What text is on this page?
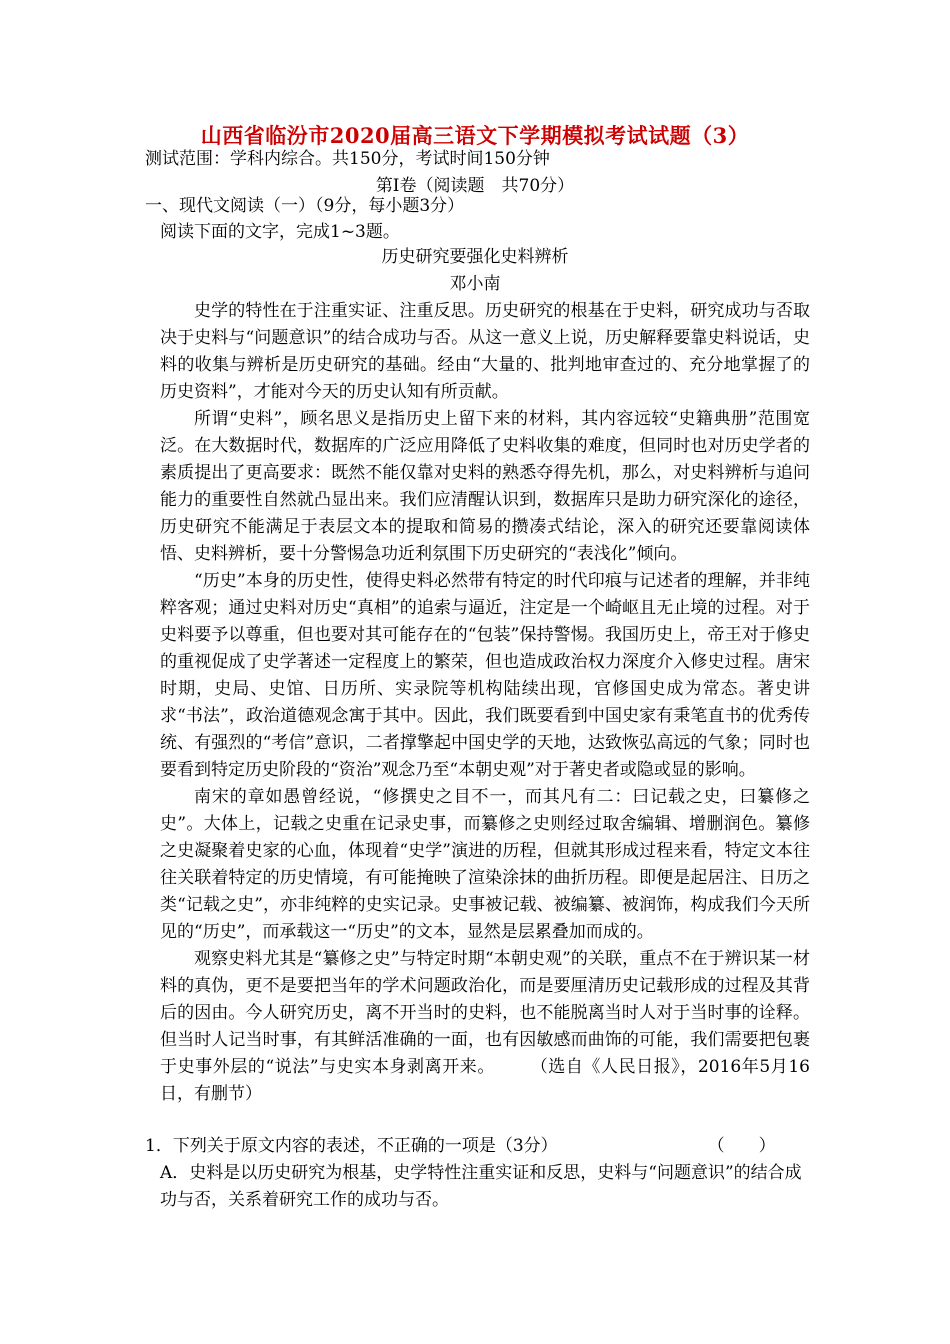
山西省临汾市2020届高三语文下学期模拟考试试题（3）
测试范围：学科内综合。共150分，考试时间150分钟
第Ⅰ卷（阅读题　共70分）
一、现代文阅读（一）（9分，每小题3分）
阅读下面的文字，完成1~3题。
历史研究要强化史料辨析
邓小南

史学的特性在于注重实证、注重反思。历史研究的根基在于史料，研究成功与否取决于史料与“问题意识”的结合成功与否。从这一意义上说，历史解释要靠史料说话，史料的收集与辨析是历史研究的基础。经由“大量的、批判地审查过的、充分地掌握了的历史资料”，才能对今天的历史认知有所贡献。

所谓“史料”，顾名思义是指历史上留下来的材料，其内容远较“史籍典册”范围宽泛。在大数据时代，数据库的广泛应用降低了史料收集的难度，但同时也对历史学者的素质提出了更高要求：既然不能仅靠对史料的熟悉夺得先机，那么，对史料辨析与追问能力的重要性自然就凸显出来。我们应清醒认识到，数据库只是助力研究深化的途径，历史研究不能满足于表层文本的提取和简易的攒凑式结论，深入的研究还要靠阅读体悟、史料辨析，要十分警惕急功近利氛围下历史研究的“表浅化”倾向。

“历史”本身的历史性，使得史料必然带有特定的时代印痕与记述者的理解，并非纯粹客观；通过史料对历史“真相”的追索与逼近，注定是一个崎岖且无止境的过程。对于史料要予以尊重，但也要对其可能存在的“包装”保持警惕。我国历史上，帝王对于修史的重视促成了史学著述一定程度上的繁荣，但也造成政治权力深度介入修史过程。唐宋时期，史局、史馆、日历所、实录院等机构陆续出现，官修国史成为常态。著史讲求“书法”，政治道德观念寓于其中。因此，我们既要看到中国史家有秉笔直书的优秀传统、有强烈的“考信”意识，二者撑擎起中国史学的天地，达致恢弘高远的气象；同时也要看到特定历史阶段的“资治”观念乃至“本朝史观”对于著史者或隐或显的影响。

南宋的章如愚曾经说，“修撰史之目不一，而其凡有二：曰记载之史，曰纂修之史”。大体上，记载之史重在记录史事，而纂修之史则经过取舍编辑、增删润色。纂修之史凝聚着史家的心血，体现着“史学”演进的历程，但就其形成过程来看，特定文本往往关联着特定的历史情境，有可能掩映了渲染涂抹的曲折历程。即便是起居注、日历之类“记载之史”，亦非纯粹的史实记录。史事被记载、被编纂、被润饰，构成我们今天所见的“历史”，而承载这一“历史”的文本，显然是层累叠加而成的。

观察史料尤其是“纂修之史”与特定时期“本朝史观”的关联，重点不在于辨识某一材料的真伪，更不是要把当年的学术问题政治化，而是要厘清历史记载形成的过程及其背后的因由。今人研究历史，离不开当时的史料，也不能脱离当时人对于当时事的诠释。但当时人记当时事，有其鲜活准确的一面，也有因敏感而曲饰的可能，我们需要把包裹于史事外层的“说法”与史实本身剥离开来。　　　	（选自《人民日报》，2016年5月16日，有删节）

1．下列关于原文内容的表述，不正确的一项是（3分）	（　　）

A．史料是以历史研究为根基，史学特性注重实证和反思，史料与“问题意识”的结合成功与否，关系着研究工作的成功与否。
